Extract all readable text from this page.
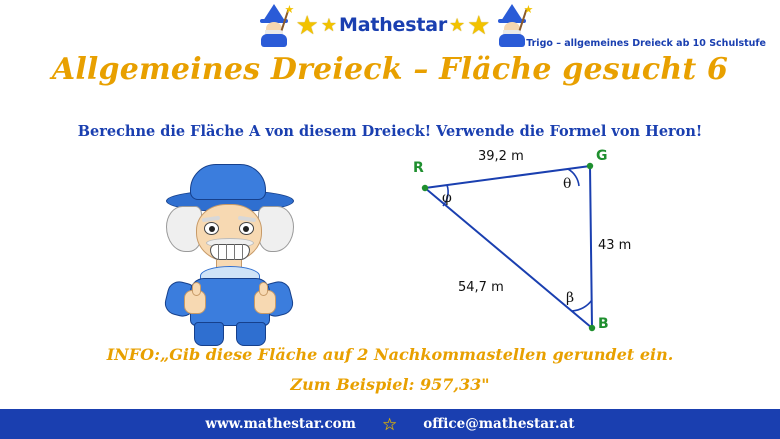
★ ★ ★ Mathestar ★ ★	★
Trigo – allgemeines Dreieck ab 10 Schulstufe
Allgemeines Dreieck – Fläche gesucht 6
Berechne die Fläche A von diesem Dreieck! Verwende die Formel von Heron!
R
G
B
39,2 m
43 m
54,7 m
φ
θ
β
INFO:„Gib diese Fläche auf 2 Nachkommastellen gerundet ein.
Zum Beispiel: 957,33"
www.mathestar.com ☆ office@mathestar.at
